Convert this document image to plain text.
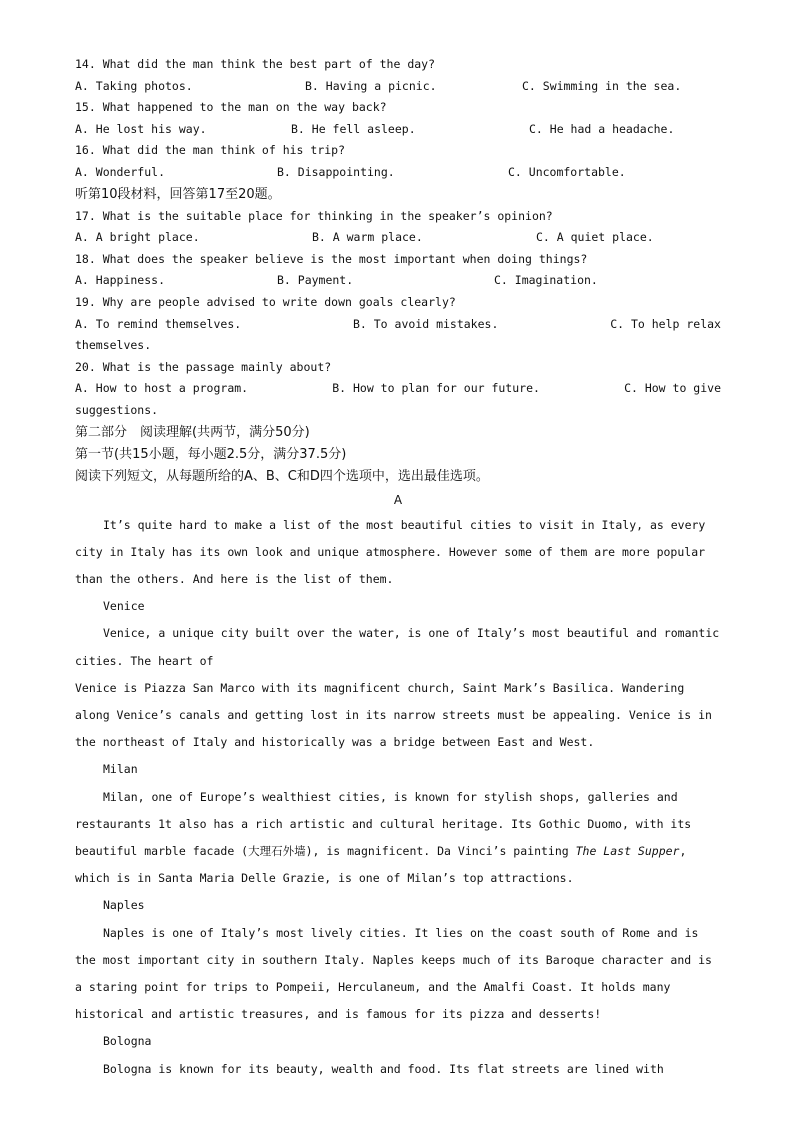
14. What did the man think the best part of the day?
A. Taking photos.	B. Having a picnic.	C. Swimming in the sea.
15. What happened to the man on the way back?
A. He lost his way.	B. He fell asleep.	C. He had a headache.
16. What did the man think of his trip?
A. Wonderful.	B. Disappointing.	C. Uncomfortable.
听第10段材料，回答第17至20题。
17. What is the suitable place for thinking in the speaker’s opinion?
A. A bright place.	B. A warm place.	C. A quiet place.
18. What does the speaker believe is the most important when doing things?
A. Happiness.	B. Payment.	C. Imagination.
19. Why are people advised to write down goals clearly?
A. To remind themselves.	B. To avoid mistakes.	C. To help relax
themselves.
20. What is the passage mainly about?
A. How to host a program.	B. How to plan for our future.	C. How to give
suggestions.
第二部分　阅读理解(共两节，满分50分)
第一节(共15小题，每小题2.5分，满分37.5分)
阅读下列短文，从每题所给的A、B、C和D四个选项中，选出最佳选项。
A
It’s quite hard to make a list of the most beautiful cities to visit in Italy, as every city in Italy has its own look and unique atmosphere. However some of them are more popular than the others. And here is the list of them.
Venice
Venice, a unique city built over the water, is one of Italy’s most beautiful and romantic cities. The heart of
Venice is Piazza San Marco with its magnificent church, Saint Mark’s Basilica. Wandering along Venice’s canals and getting lost in its narrow streets must be appealing. Venice is in the northeast of Italy and historically was a bridge between East and West.
Milan
Milan, one of Europe’s wealthiest cities, is known for stylish shops, galleries and restaurants 1t also has a rich artistic and cultural heritage. Its Gothic Duomo, with its beautiful marble facade (大理石外墙), is magnificent. Da Vinci’s painting The Last Supper, which is in Santa Maria Delle Grazie, is one of Milan’s top attractions.
Naples
Naples is one of Italy’s most lively cities. It lies on the coast south of Rome and is the most important city in southern Italy. Naples keeps much of its Baroque character and is a staring point for trips to Pompeii, Herculaneum, and the Amalfi Coast. It holds many historical and artistic treasures, and is famous for its pizza and desserts!
Bologna
Bologna is known for its beauty, wealth and food. Its flat streets are lined with
